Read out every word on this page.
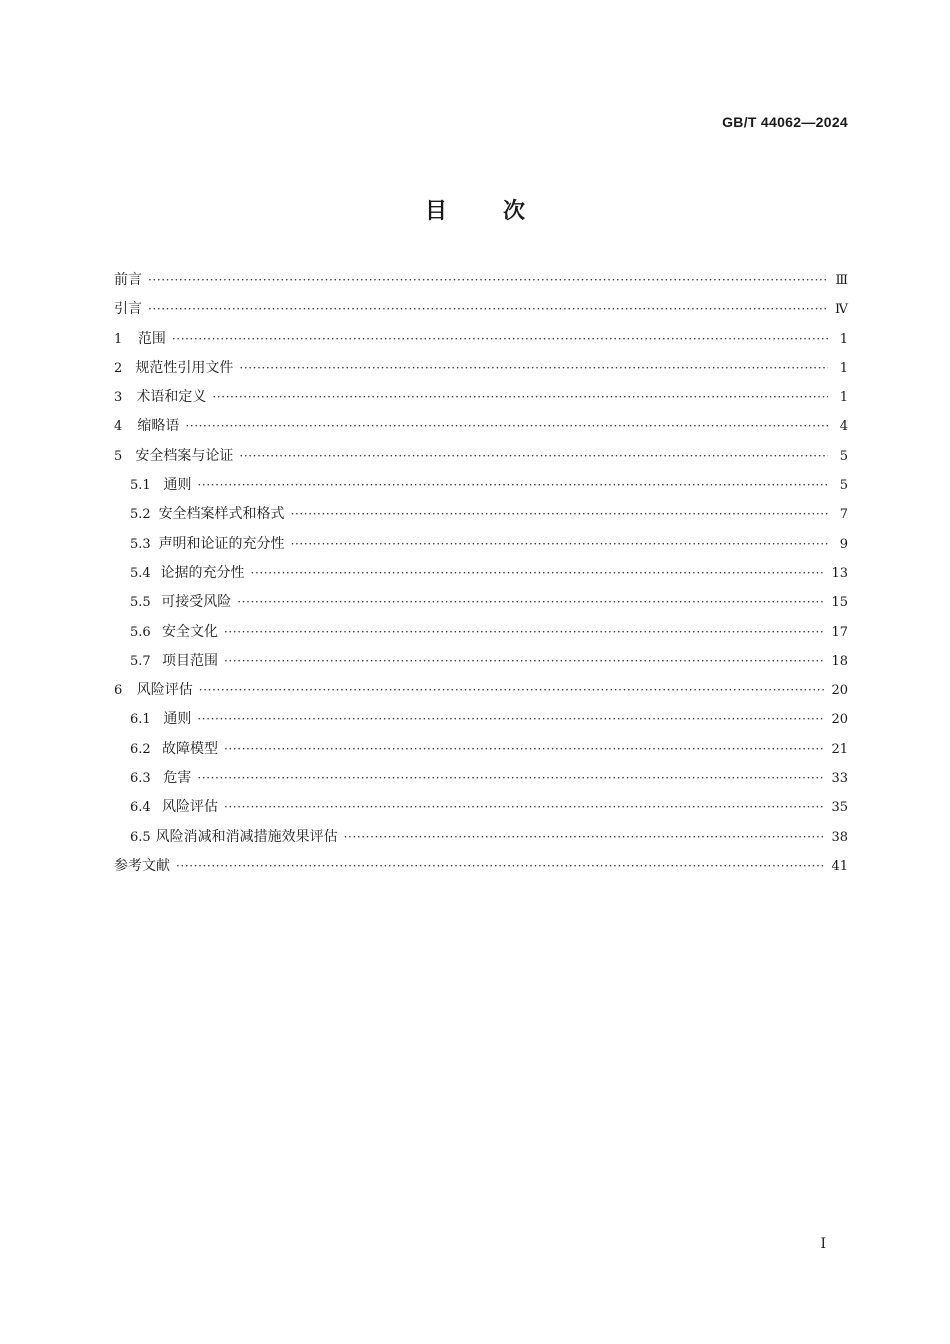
GB/T 44062—2024
目	次
前言 ·····	Ⅲ
引言 ·····	Ⅳ
1	范围 ·····	1
2 规范性引用文件 ·····	1
3	术语和定义 ·····	1
4	缩略语 ·····	4
5 安全档案与论证 ·····	5
5.1 通则 ·····	5
5.2 安全档案样式和格式 ·····	7
5.3 声明和论证的充分性 ·····	9
5.4 论据的充分性 ·····	13
5.5 可接受风险 ·····	15
5.6 安全文化 ·····	17
5.7 项目范围 ·····	18
6	风险评估 ·····	20
6.1 通则 ·····	20
6.2 故障模型 ·····	21
6.3 危害 ·····	33
6.4 风险评估 ·····	35
6.5 风险消减和消减措施效果评估 ·····	38
参考文献 ·····	41
I
